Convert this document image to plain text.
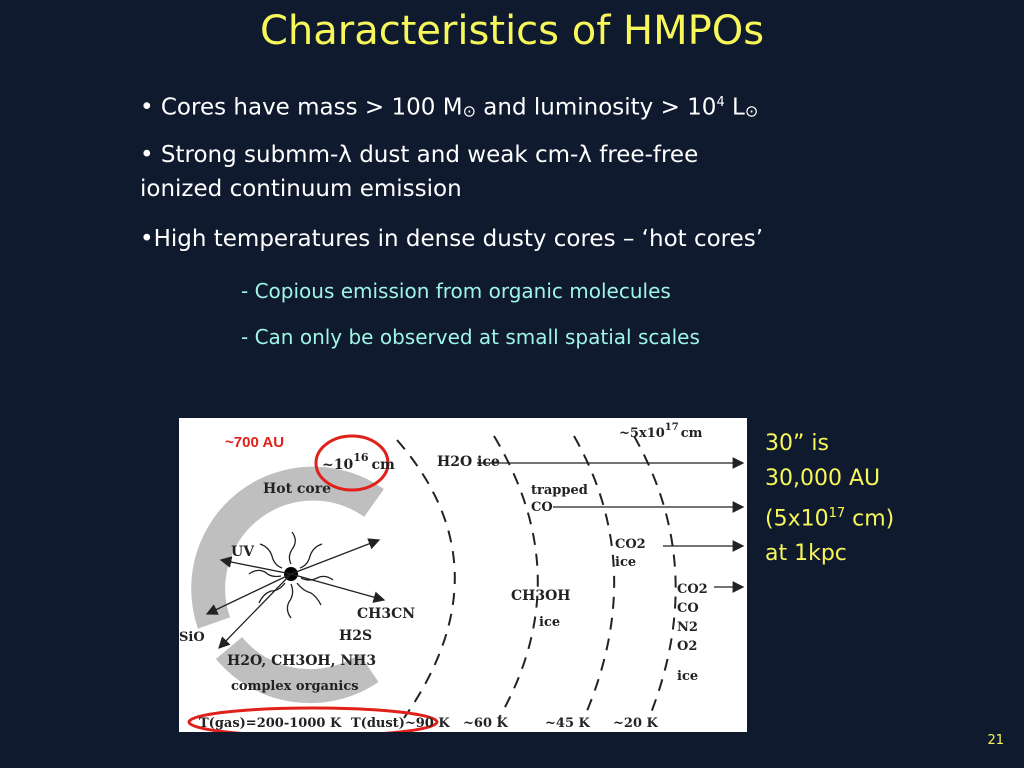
Characteristics of HMPOs
• Cores have mass > 100 M⊙ and luminosity > $10^4$ L⊙
• Strong submm-λ dust and weak cm-λ free-free
ionized continuum emission
•High temperatures in dense dusty cores – ‘hot cores’
- Copious emission from organic molecules
- Can only be observed at small spatial scales
~700 AU
$\sim 10^{16}$ cm
$\sim 5x10^{17}$ cm
Hot core
UV
SiO
CH3CN
H2S
H2O, CH3OH, NH3
complex organics
H2O ice
trapped
CO
CO2
ice
CH3OH
ice
CO2
CO
N2
O2
ice
T(gas)=200-1000 K T(dust)~90 K ~60 K	~45 K ~20 K
30” is
30,000 AU
($5x10^{17}$ cm)
at 1kpc
21
